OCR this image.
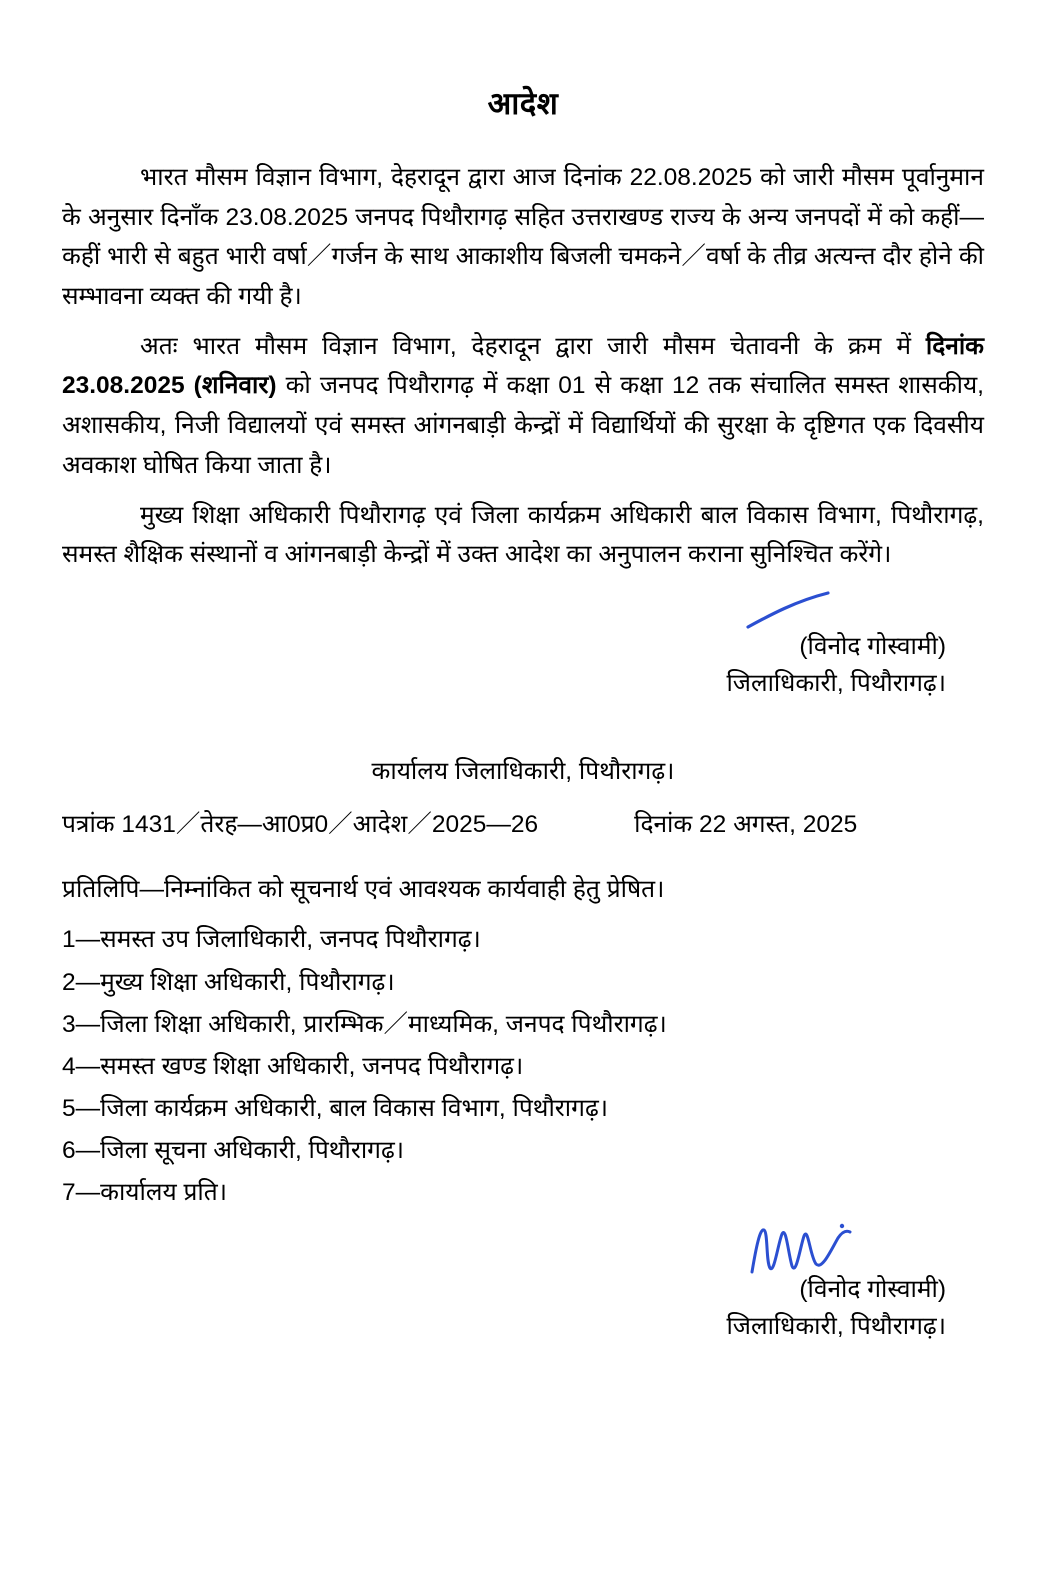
आदेश

भारत मौसम विज्ञान विभाग, देहरादून द्वारा आज दिनांक 22.08.2025 को जारी मौसम पूर्वानुमान के अनुसार दिनॉंक 23.08.2025 जनपद पिथौरागढ़ सहित उत्तराखण्ड राज्य के अन्य जनपदों में को कहीं—कहीं भारी से बहुत भारी वर्षा／गर्जन के साथ आकाशीय बिजली चमकने／वर्षा के तीव्र अत्यन्त दौर होने की सम्भावना व्यक्त की गयी है।

अतः भारत मौसम विज्ञान विभाग, देहरादून द्वारा जारी मौसम चेतावनी के क्रम में दिनांक 23.08.2025 (शनिवार) को जनपद पिथौरागढ़ में कक्षा 01 से कक्षा 12 तक संचालित समस्त शासकीय, अशासकीय, निजी विद्यालयों एवं समस्त आंगनबाड़ी केन्द्रों में विद्यार्थियों की सुरक्षा के दृष्टिगत एक दिवसीय अवकाश घोषित किया जाता है।

मुख्य शिक्षा अधिकारी पिथौरागढ़ एवं जिला कार्यक्रम अधिकारी बाल विकास विभाग, पिथौरागढ़, समस्त शैक्षिक संस्थानों व आंगनबाड़ी केन्द्रों में उक्त आदेश का अनुपालन कराना सुनिश्चित करेंगे।

(विनोद गोस्वामी)
जिलाधिकारी, पिथौरागढ़।
कार्यालय जिलाधिकारी, पिथौरागढ़।
पत्रांक 1431／तेरह—आ0प्र0／आदेश／2025—26	दिनांक 22 अगस्त, 2025
प्रतिलिपि—निम्नांकित को सूचनार्थ एवं आवश्यक कार्यवाही हेतु प्रेषित।
1—समस्त उप जिलाधिकारी, जनपद पिथौरागढ़।
2—मुख्य शिक्षा अधिकारी, पिथौरागढ़।
3—जिला शिक्षा अधिकारी, प्रारम्भिक／माध्यमिक, जनपद पिथौरागढ़।
4—समस्त खण्ड शिक्षा अधिकारी, जनपद पिथौरागढ़।
5—जिला कार्यक्रम अधिकारी, बाल विकास विभाग, पिथौरागढ़।
6—जिला सूचना अधिकारी, पिथौरागढ़।
7—कार्यालय प्रति।
(विनोद गोस्वामी)
जिलाधिकारी, पिथौरागढ़।
